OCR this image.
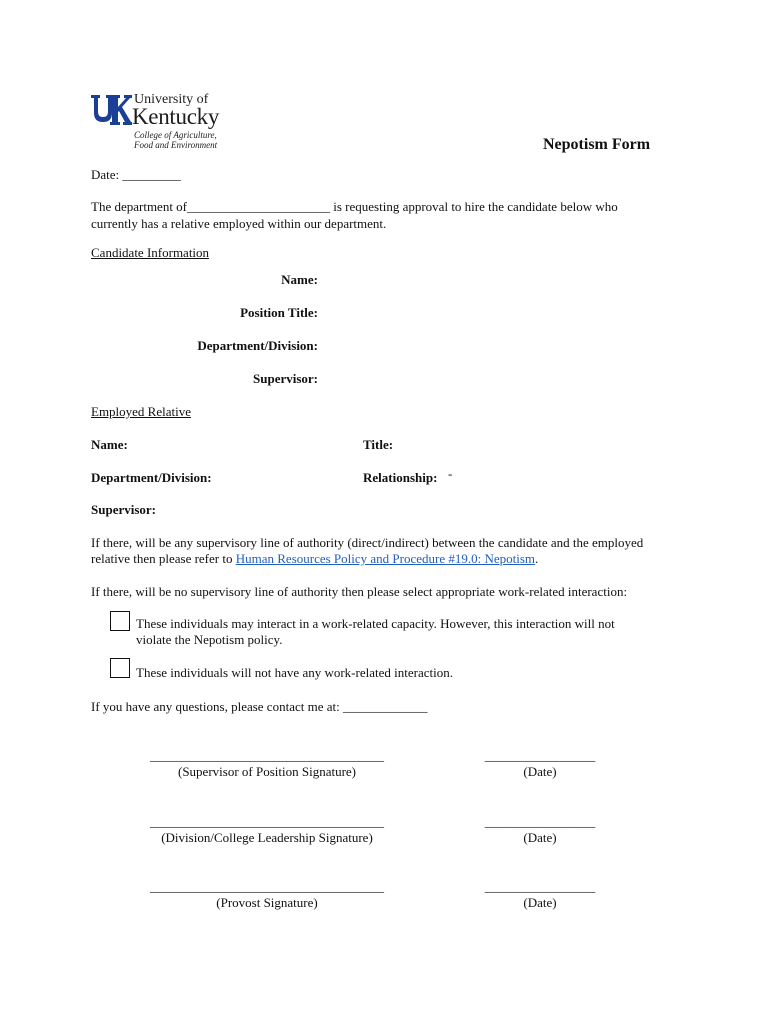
University of
Kentucky
College of Agriculture,
Food and Environment	Nepotism Form
Date: _________
The department of______________________ is requesting approval to hire the candidate below who
currently has a relative employed within our department.
Candidate Information
Name:
Position Title:
Department/Division:
Supervisor:
Employed Relative
Name:	Title:
Department/Division:	Relationship: -
Supervisor:
If there, will be any supervisory line of authority (direct/indirect) between the candidate and the employed
relative then please refer to Human Resources Policy and Procedure #19.0: Nepotism.
If there, will be no supervisory line of authority then please select appropriate work-related interaction:
These individuals may interact in a work-related capacity. However, this interaction will not
violate the Nepotism policy.
These individuals will not have any work-related interaction.
If you have any questions, please contact me at: _____________
____________________________________
(Supervisor of Position Signature)
_________________
(Date)
____________________________________
(Division/College Leadership Signature)
_________________
(Date)
____________________________________
(Provost Signature)
_________________
(Date)
